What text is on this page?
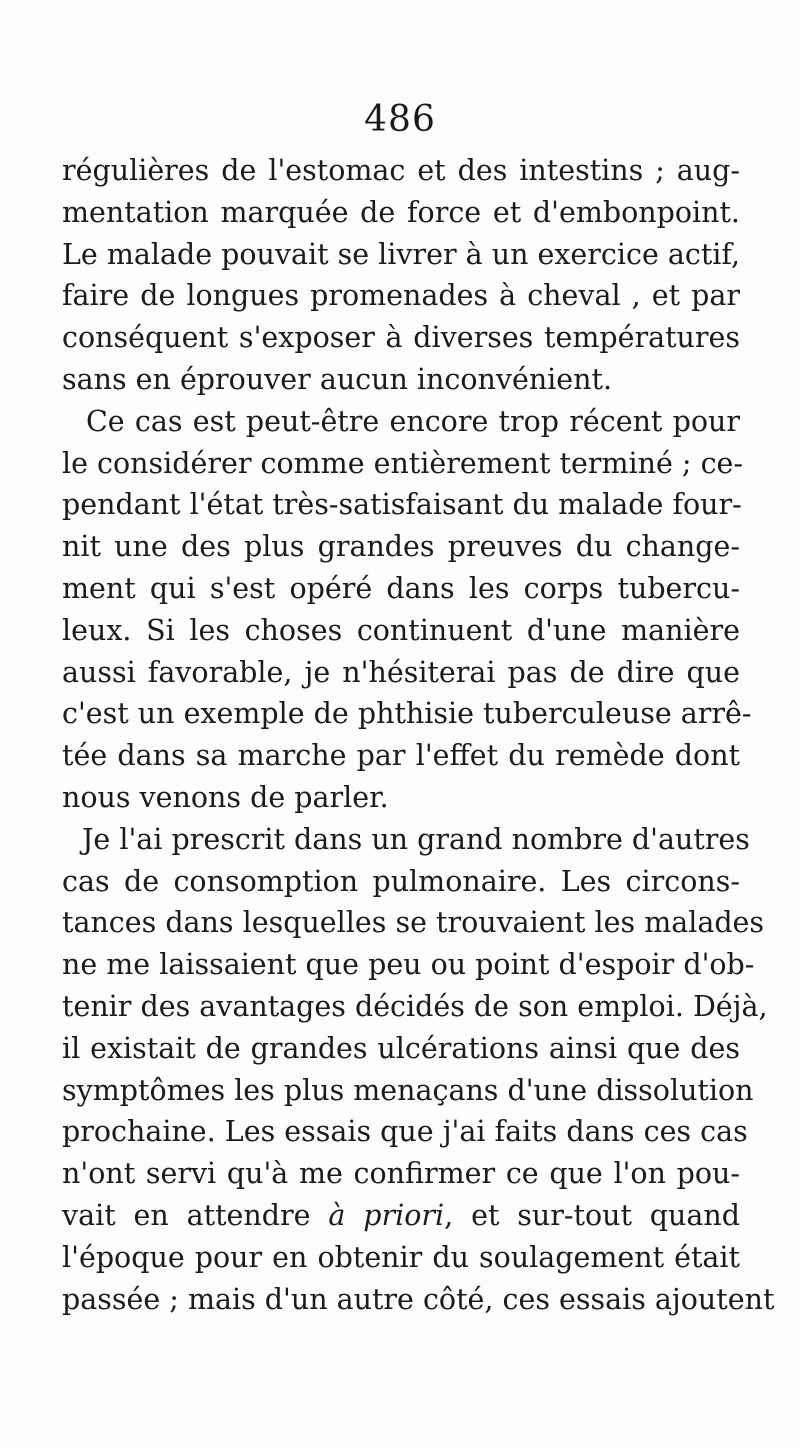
486
régulières de l'estomac et des intestins ; aug-
mentation marquée de force et d'embonpoint.
Le malade pouvait se livrer à un exercice actif,
faire de longues promenades à cheval , et par
conséquent s'exposer à diverses températures
sans en éprouver aucun inconvénient.
Ce cas est peut-être encore trop récent pour
le considérer comme entièrement terminé ; ce-
pendant l'état très-satisfaisant du malade four-
nit une des plus grandes preuves du change-
ment qui s'est opéré dans les corps tubercu-
leux. Si les choses continuent d'une manière
aussi favorable, je n'hésiterai pas de dire que
c'est un exemple de phthisie tuberculeuse arrê-
tée dans sa marche par l'effet du remède dont
nous venons de parler.
Je l'ai prescrit dans un grand nombre d'autres
cas de consomption pulmonaire. Les circons-
tances dans lesquelles se trouvaient les malades
ne me laissaient que peu ou point d'espoir d'ob-
tenir des avantages décidés de son emploi. Déjà,
il existait de grandes ulcérations ainsi que des
symptômes les plus menaçans d'une dissolution
prochaine. Les essais que j'ai faits dans ces cas
n'ont servi qu'à me confirmer ce que l'on pou-
vait en attendre à priori, et sur-tout quand
l'époque pour en obtenir du soulagement était
passée ; mais d'un autre côté, ces essais ajoutent
